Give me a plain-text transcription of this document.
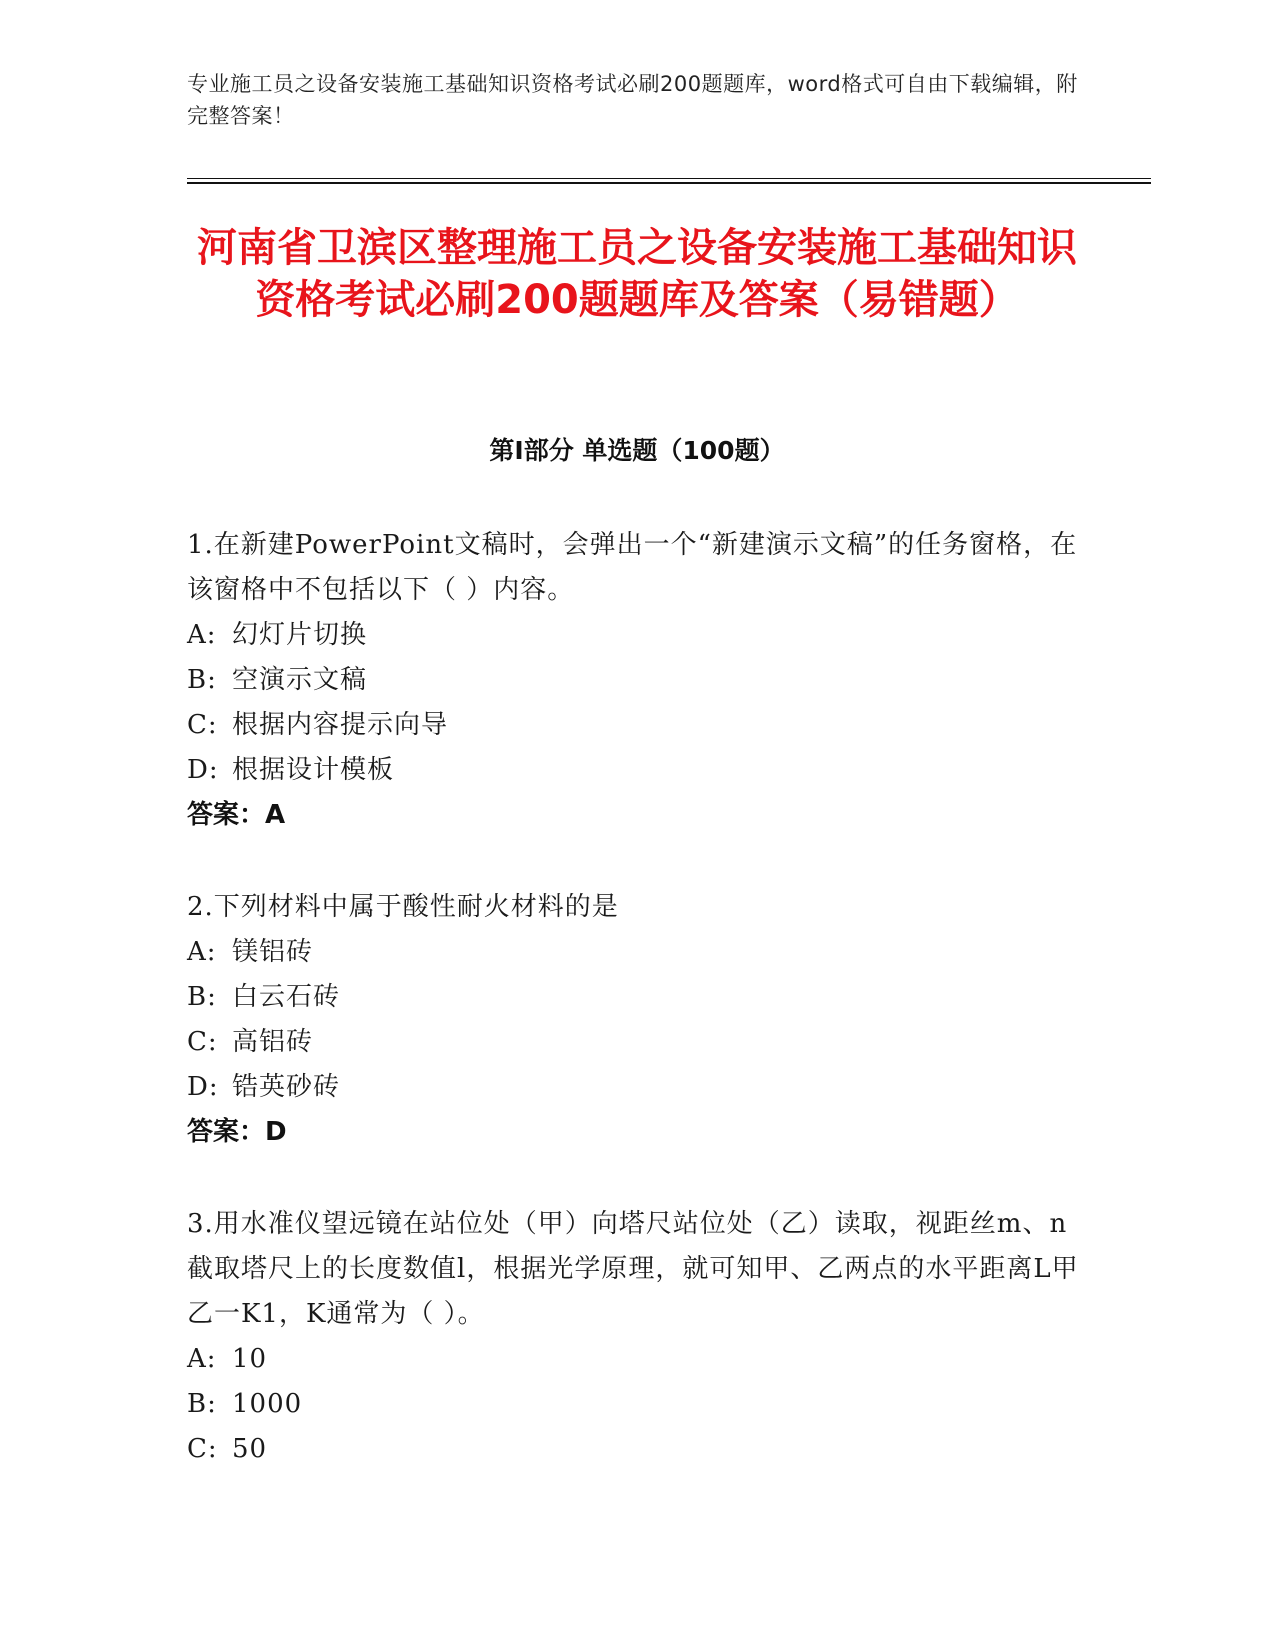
专业施工员之设备安装施工基础知识资格考试必刷200题题库，word格式可自由下载编辑，附完整答案！
河南省卫滨区整理施工员之设备安装施工基础知识资格考试必刷200题题库及答案（易错题）
第I部分 单选题（100题）

1.在新建PowerPoint文稿时，会弹出一个“新建演示文稿”的任务窗格，在该窗格中不包括以下（ ）内容。

A: 幻灯片切换

B: 空演示文稿

C: 根据内容提示向导

D: 根据设计模板

答案：A

2.下列材料中属于酸性耐火材料的是

A: 镁铝砖

B: 白云石砖

C: 高铝砖

D: 锆英砂砖

答案：D

3.用水准仪望远镜在站位处（甲）向塔尺站位处（乙）读取，视距丝m、n截取塔尺上的长度数值l，根据光学原理，就可知甲、乙两点的水平距离L甲乙一K1，K通常为（ ）。

A: 10

B: 1000

C: 50
